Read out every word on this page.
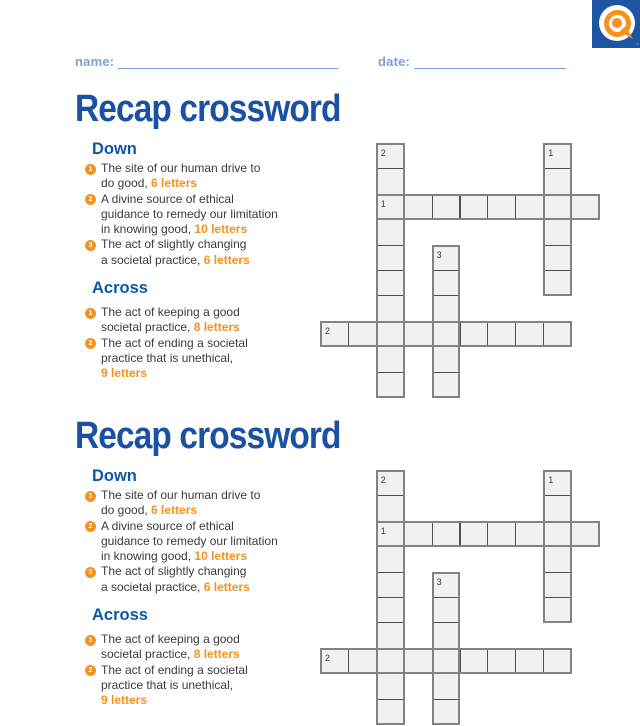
™
name:	date:
Recap crossword
Down
1 The site of our human drive to
do good, 6 letters
2 A divine source of ethical
guidance to remedy our limitation
in knowing good, 10 letters
3 The act of slightly changing
a societal practice, 6 letters
Across
1 The act of keeping a good
societal practice, 8 letters
2 The act of ending a societal
practice that is unethical,
9 letters
2	1
3
1
2
Recap crossword
Down
1 The site of our human drive to
do good, 6 letters
2 A divine source of ethical
guidance to remedy our limitation
in knowing good, 10 letters
3 The act of slightly changing
a societal practice, 6 letters
Across
1 The act of keeping a good
societal practice, 8 letters
2 The act of ending a societal
practice that is unethical,
9 letters
2	1
3
1
2
